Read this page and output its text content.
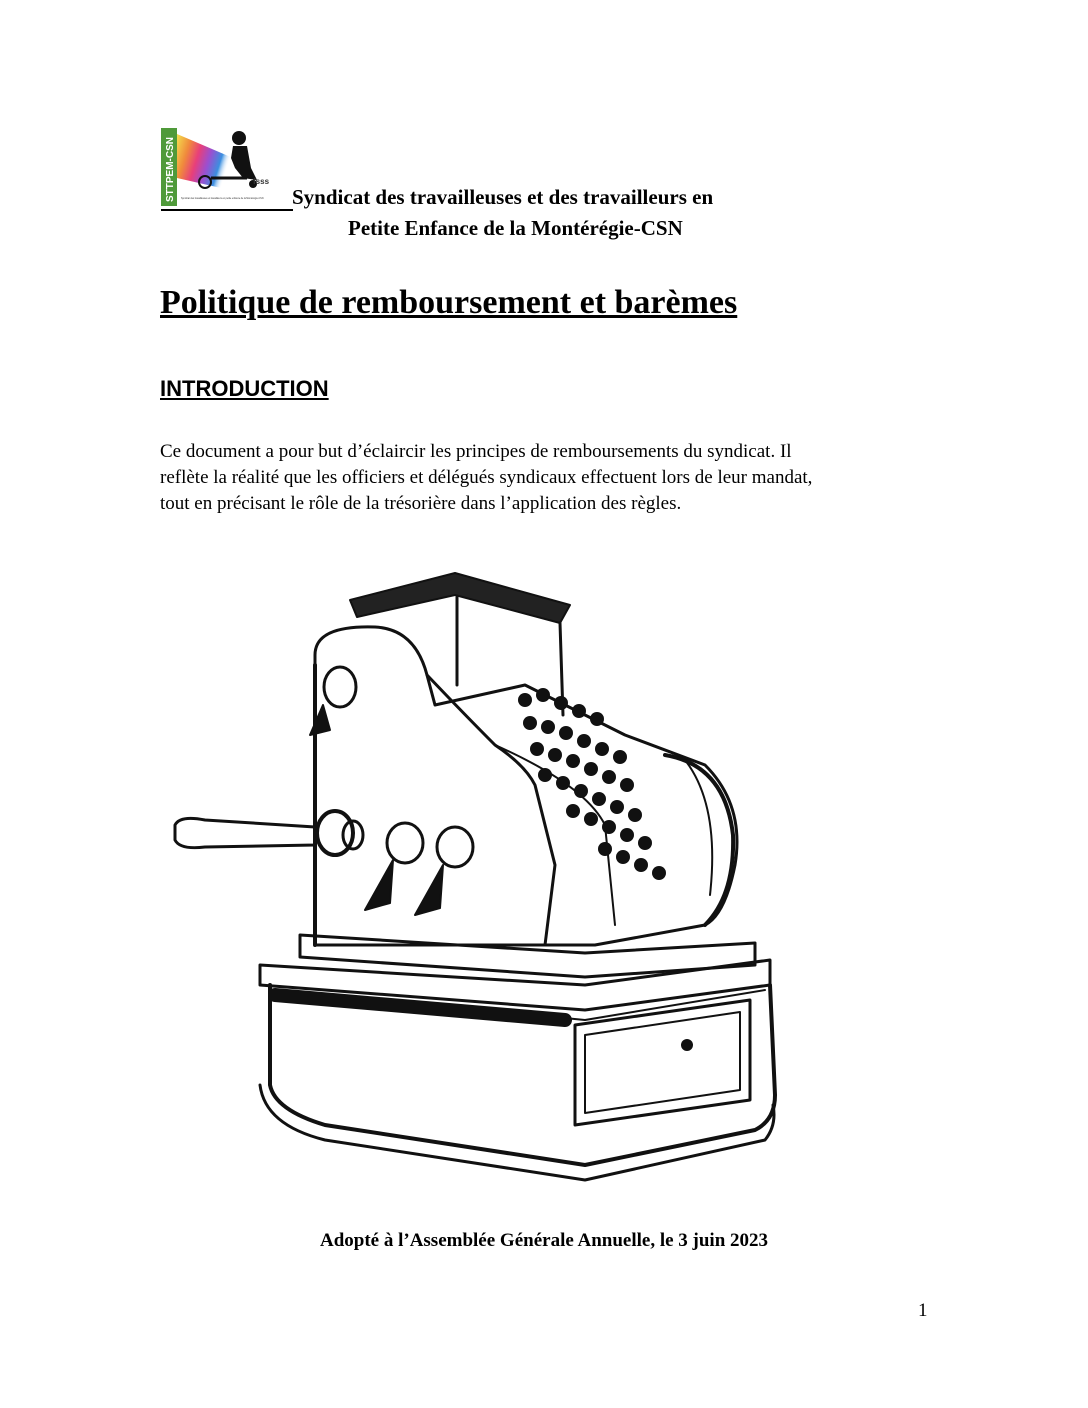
STTPEM-CSN	fsss
Syndicat des travailleuses et travailleurs en petite enfance de la Montérégie-CSN Syndicat des travailleuses et des travailleurs en
Petite Enfance de la Montérégie-CSN
Politique de remboursement et barèmes
INTRODUCTION

Ce document a pour but d’éclaircir les principes de remboursements du syndicat. Il
reflète la réalité que les officiers et délégués syndicaux effectuent lors de leur mandat,
tout en précisant le rôle de la trésorière dans l’application des règles.

Adopté à l’Assemblée Générale Annuelle, le 3 juin 2023
1
